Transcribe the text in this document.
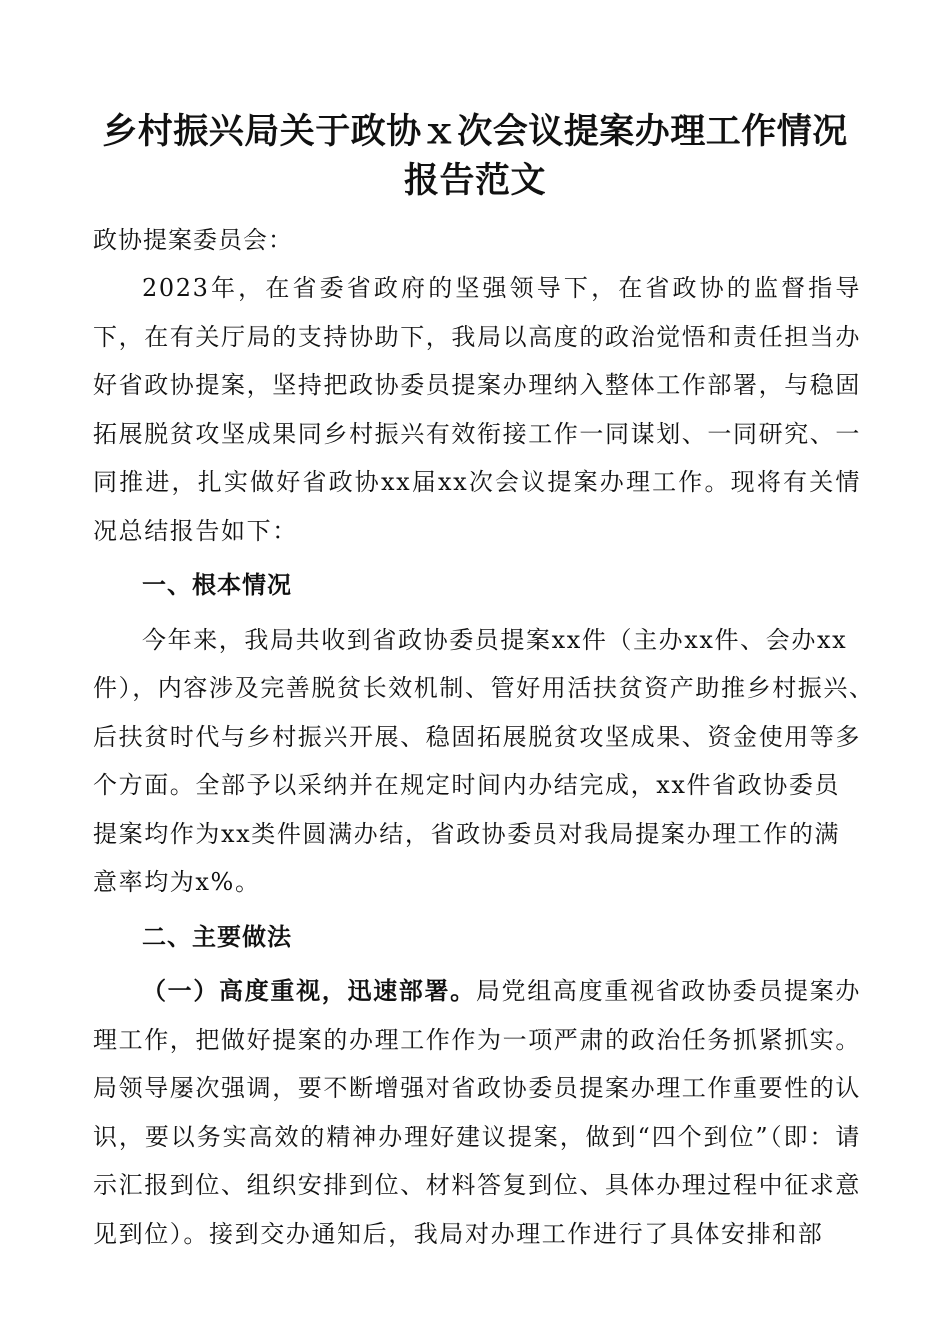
乡村振兴局关于政协ｘ次会议提案办理工作情况报告范文
政协提案委员会：

2023年，在省委省政府的坚强领导下，在省政协的监督指导下，在有关厅局的支持协助下，我局以高度的政治觉悟和责任担当办好省政协提案，坚持把政协委员提案办理纳入整体工作部署，与稳固拓展脱贫攻坚成果同乡村振兴有效衔接工作一同谋划、一同研究、一同推进，扎实做好省政协xx届xx次会议提案办理工作。现将有关情况总结报告如下：

一、根本情况
今年来，我局共收到省政协委员提案xx件（主办xx件、会办xx
件），内容涉及完善脱贫长效机制、管好用活扶贫资产助推乡村振兴、
后扶贫时代与乡村振兴开展、稳固拓展脱贫攻坚成果、资金使用等多
个方面。全部予以采纳并在规定时间内办结完成，xx件省政协委员
提案均作为xx类件圆满办结，省政协委员对我局提案办理工作的满
意率均为x%。
二、主要做法

（一）高度重视，迅速部署。局党组高度重视省政协委员提案办理工作，把做好提案的办理工作作为一项严肃的政治任务抓紧抓实。局领导屡次强调，要不断增强对省政协委员提案办理工作重要性的认识，要以务实高效的精神办理好建议提案，做到“四个到位”（即：请示汇报到位、组织安排到位、材料答复到位、具体办理过程中征求意见到位）。接到交办通知后，我局对办理工作进行了具体安排和部
